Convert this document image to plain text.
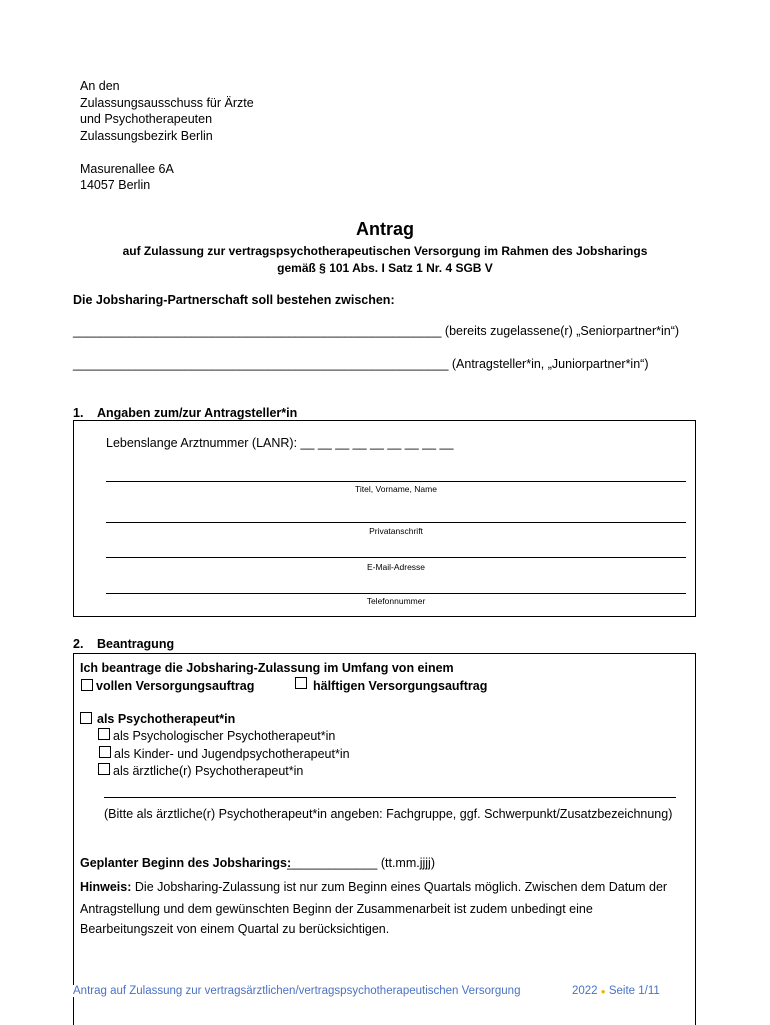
An den
Zulassungsausschuss für Ärzte
und Psychotherapeuten
Zulassungsbezirk Berlin
Masurenallee 6A
14057 Berlin
Antrag
auf Zulassung zur vertragspsychotherapeutischen Versorgung im Rahmen des Jobsharings
gemäß § 101 Abs. I Satz 1 Nr. 4 SGB V
Die Jobsharing-Partnerschaft soll bestehen zwischen:
_____________________________________________________ (bereits zugelassene(r) „Seniorpartner*in“)
______________________________________________________ (Antragsteller*in, „Juniorpartner*in“)
1. Angaben zum/zur Antragsteller*in
Lebenslange Arztnummer (LANR): __ __ __ __ __ __ __ __ __
Titel, Vorname, Name
Privatanschrift
E-Mail-Adresse
Telefonnummer
2. Beantragung
Ich beantrage die Jobsharing-Zulassung im Umfang von einem
vollen Versorgungsauftrag	hälftigen Versorgungsauftrag
als Psychotherapeut*in
als Psychologischer Psychotherapeut*in
als Kinder- und Jugendpsychotherapeut*in
als ärztliche(r) Psychotherapeut*in
(Bitte als ärztliche(r) Psychotherapeut*in angeben: Fachgruppe, ggf. Schwerpunkt/Zusatzbezeichnung)
Geplanter Beginn des Jobsharings:
_____________ (tt.mm.jjjj)
Hinweis: Die Jobsharing-Zulassung ist nur zum Beginn eines Quartals möglich. Zwischen dem Datum der
Antragstellung und dem gewünschten Beginn der Zusammenarbeit ist zudem unbedingt eine
Bearbeitungszeit von einem Quartal zu berücksichtigen.
Antrag auf Zulassung zur vertragsärztlichen/vertragspsychotherapeutischen Versorgung	2022 ● Seite 1/11
